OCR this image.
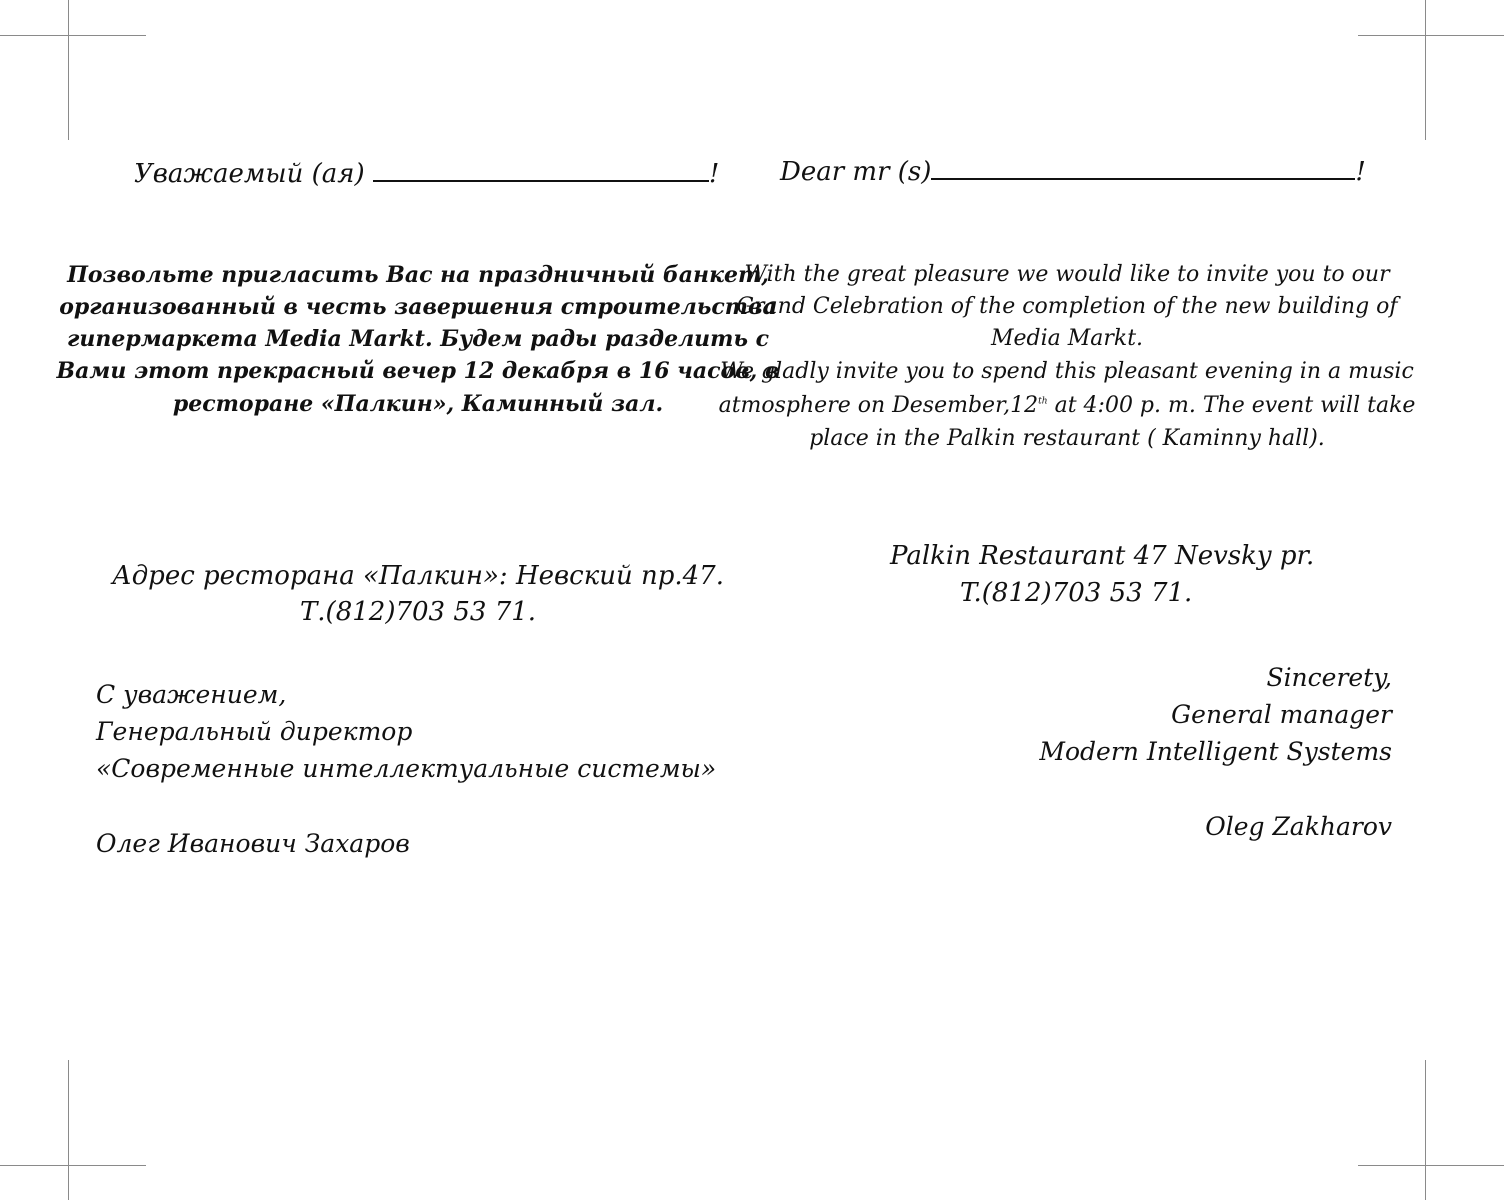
Уважаемый (ая)	!
Позвольте пригласить Вас на праздничный банкет,
организованный в честь завершения строительства
гипермаркета Media Markt. Будем рады разделить с
Вами этот прекрасный вечер 12 декабря в 16 часов, в
ресторане «Палкин», Каминный зал.
Адрес ресторана «Палкин»: Невский пр.47.
Т.(812)703 53 71.
С уважением,
Генеральный директор
«Современные интеллектуальные системы»
Олег Иванович Захаров
Dear mr (s)	!
With the great pleasure we would like to invite you to our
Grand Celebration of the completion of the new building of
Media Markt.
We gladly invite you to spend this pleasant evening in a music
atmosphere on Desember,12th at 4:00 p. m. The event will take
place in the Palkin restaurant ( Kaminny hall).
Palkin Restaurant 47 Nevsky pr.
T.(812)703 53 71.
Sincerety,
General manager
Modern Intelligent Systems
Oleg Zakharov
